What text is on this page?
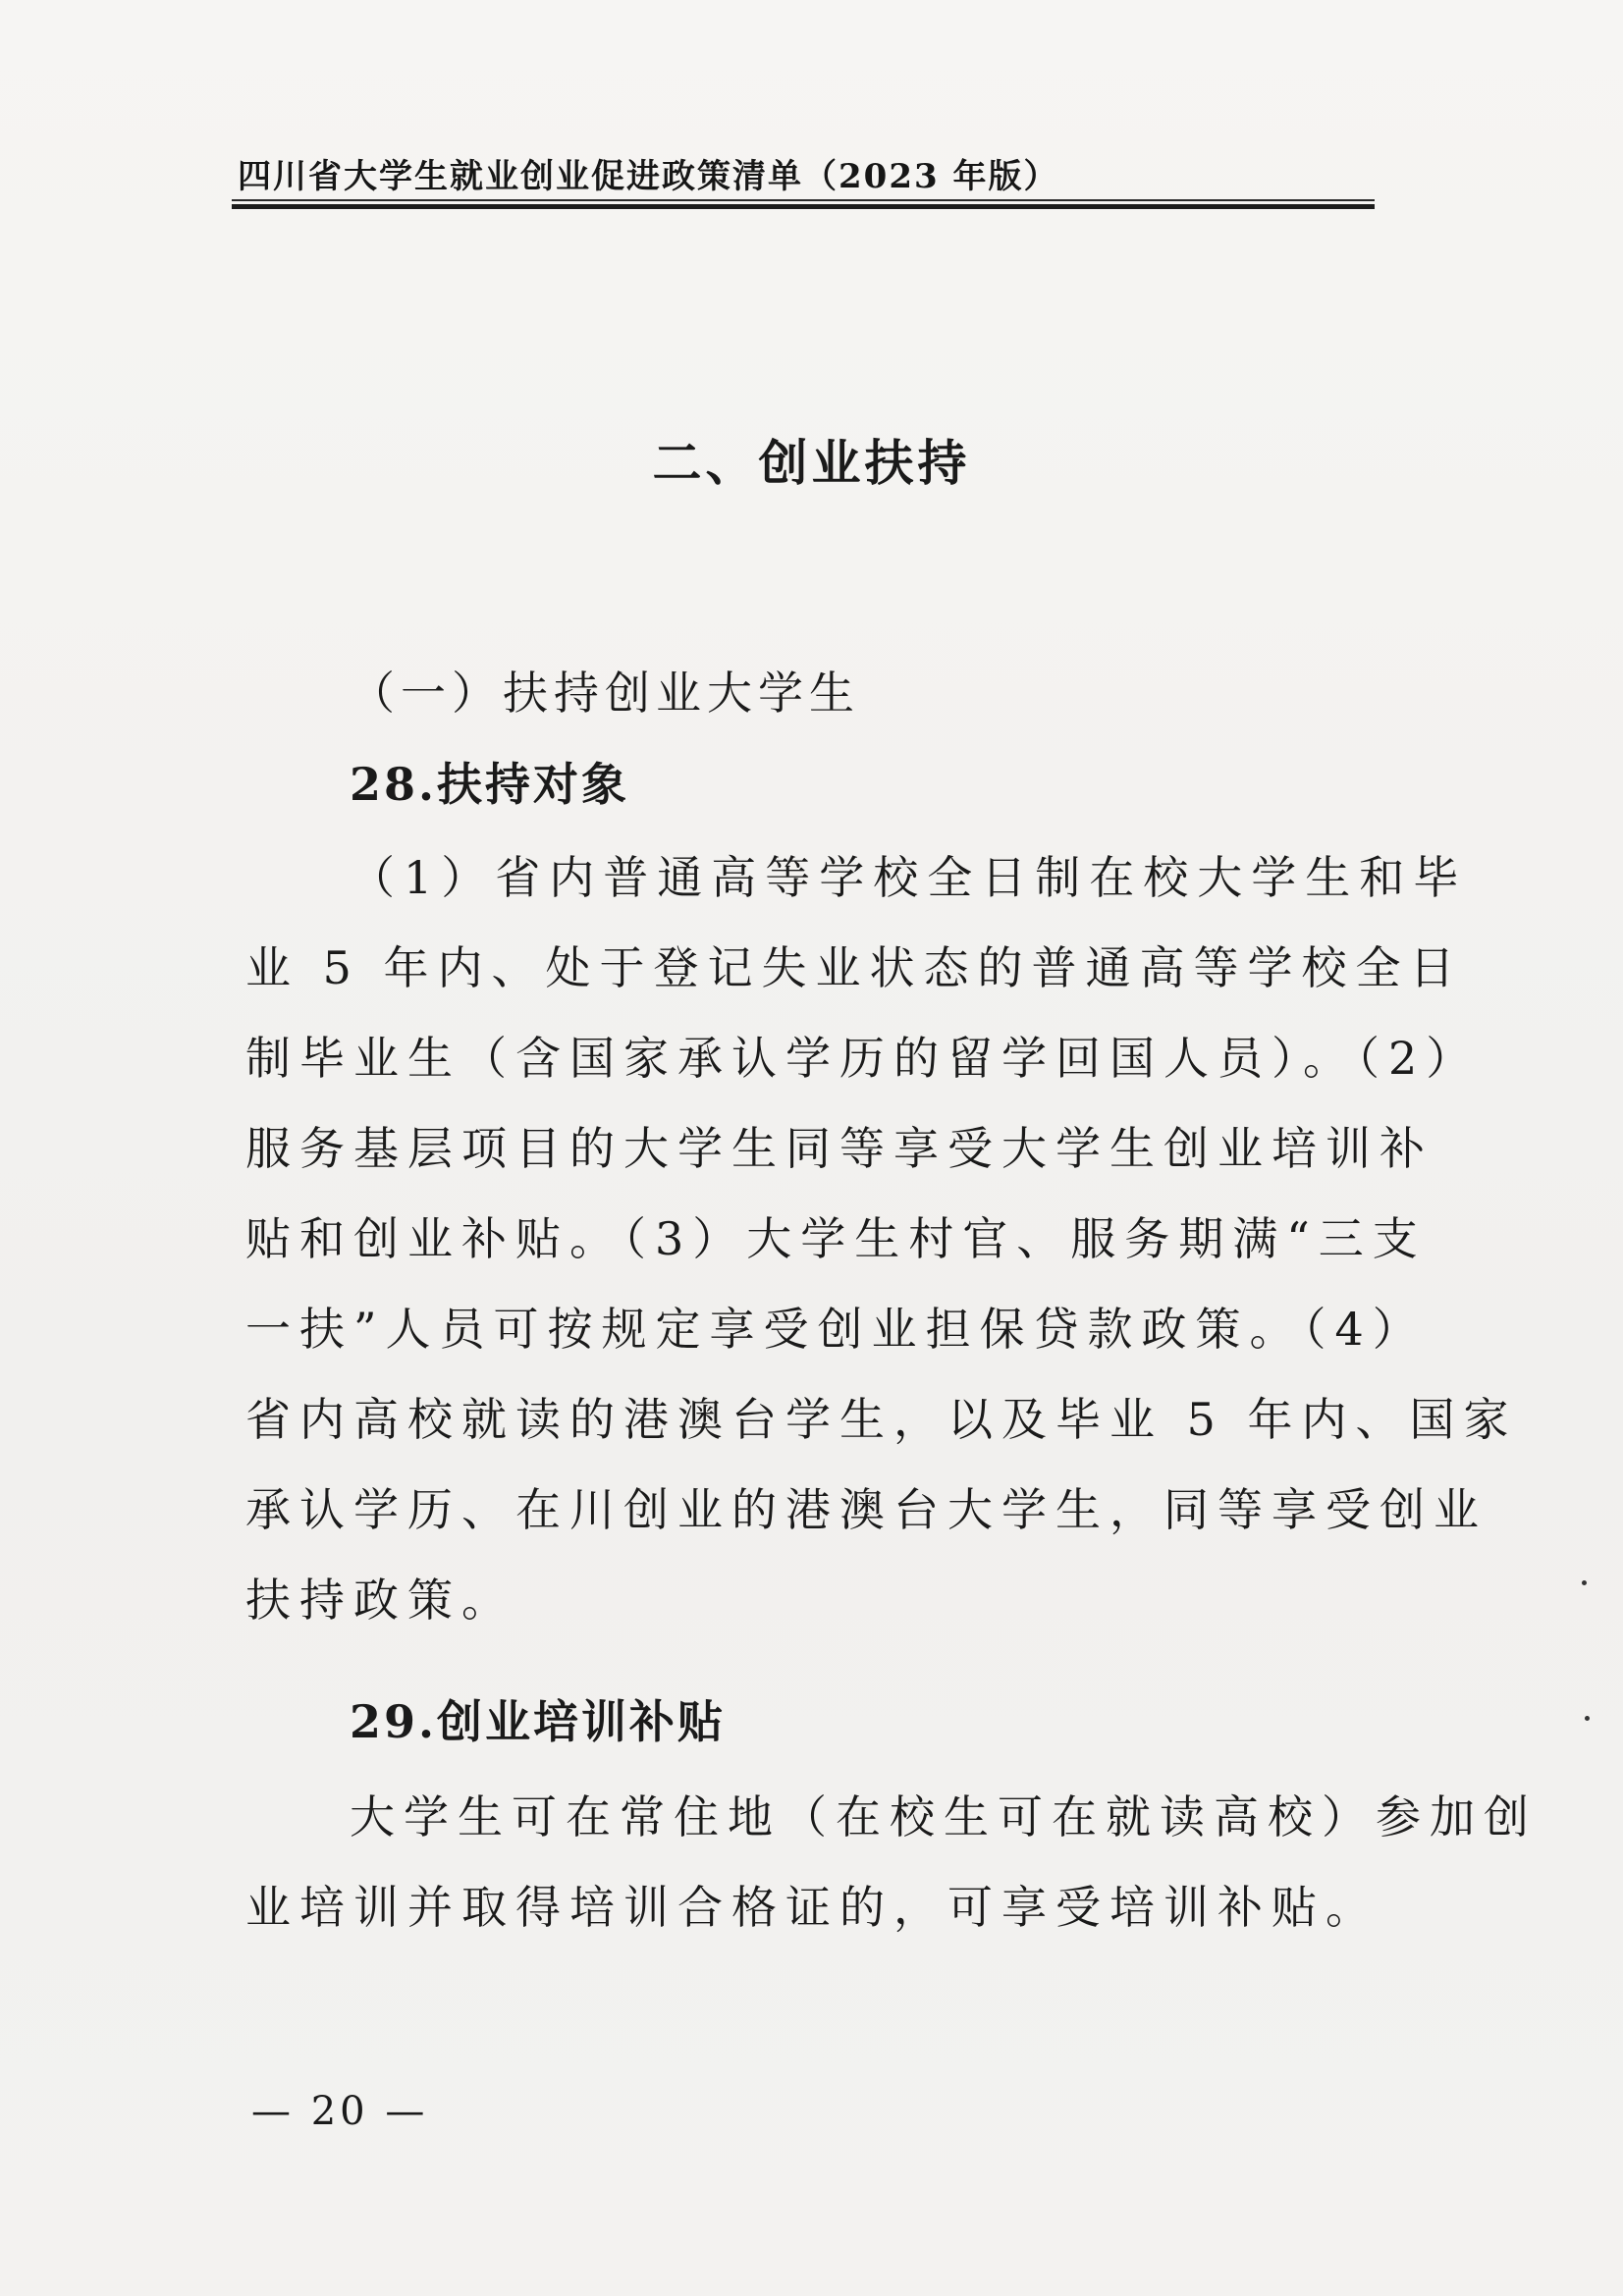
四川省大学生就业创业促进政策清单（2023 年版）
二、创业扶持
（一）扶持创业大学生
28.扶持对象
（1）省内普通高等学校全日制在校大学生和毕
业 5 年内、处于登记失业状态的普通高等学校全日
制毕业生（含国家承认学历的留学回国人员）。（2）
服务基层项目的大学生同等享受大学生创业培训补
贴和创业补贴。（3）大学生村官、服务期满“三支
一扶”人员可按规定享受创业担保贷款政策。（4）
省内高校就读的港澳台学生，以及毕业 5 年内、国家
承认学历、在川创业的港澳台大学生，同等享受创业
扶持政策。
29.创业培训补贴
大学生可在常住地（在校生可在就读高校）参加创
业培训并取得培训合格证的，可享受培训补贴。
— 20 —
